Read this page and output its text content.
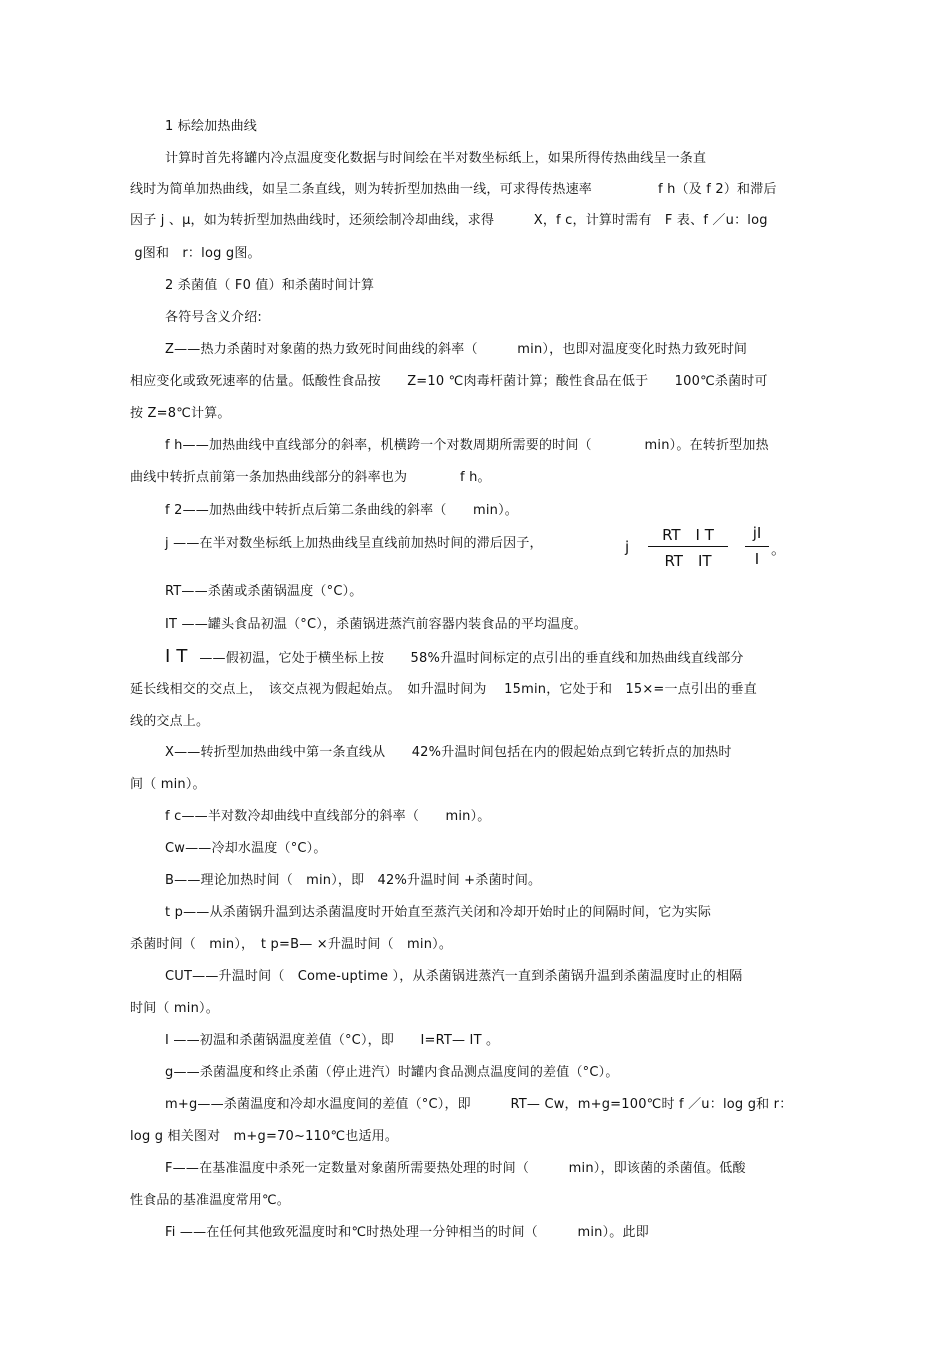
1 标绘加热曲线
计算时首先将罐内冷点温度变化数据与时间绘在半对数坐标纸上，如果所得传热曲线呈一条直
线时为简单加热曲线，如呈二条直线，则为转折型加热曲一线，可求得传热速率　　　　　f h（及 f 2）和滞后
因子 j 、μ，如为转折型加热曲线时，还须绘制冷却曲线，求得　　　X，f c，计算时需有　F 表、f ／u：log
g图和　r：log g图。
2 杀菌值（ F0 值）和杀菌时间计算
各符号含义介绍:
Z——热力杀菌时对象菌的热力致死时间曲线的斜率（　　　min），也即对温度变化时热力致死时间
相应变化或致死速率的估量。低酸性食品按　　Z=10 ℃肉毒杆菌计算；酸性食品在低于　　100℃杀菌时可
按 Z=8℃计算。
f h——加热曲线中直线部分的斜率，机横跨一个对数周期所需要的时间（　　　　min）。在转折型加热
曲线中转折点前第一条加热曲线部分的斜率也为　　　　f h。
f 2——加热曲线中转折点后第二条曲线的斜率（　　min）。
j ——在半对数坐标纸上加热曲线呈直线前加热时间的滞后因子，
RT——杀菌或杀菌锅温度（°C）。
IT ——罐头食品初温（°C），杀菌锅进蒸汽前容器内装食品的平均温度。
I T ——假初温，它处于横坐标上按　　58%升温时间标定的点引出的垂直线和加热曲线直线部分
延长线相交的交点上，　该交点视为假起始点。　如升温时间为　 15min，它处于和　15×=一点引出的垂直
线的交点上。
X——转折型加热曲线中第一条直线从　　42%升温时间包括在内的假起始点到它转折点的加热时
间（ min）。
f c——半对数冷却曲线中直线部分的斜率（　　min）。
Cw——冷却水温度（°C）。
B——理论加热时间（　min），即　42%升温时间 +杀菌时间。
t p——从杀菌锅升温到达杀菌温度时开始直至蒸汽关闭和冷却开始时止的间隔时间，它为实际
杀菌时间（　min），　t p=B— ×升温时间（　min）。
CUT——升温时间（　Come-uptime ），从杀菌锅进蒸汽一直到杀菌锅升温到杀菌温度时止的相隔
时间（ min）。
I ——初温和杀菌锅温度差值（°C），即　　I=RT— IT 。
g——杀菌温度和终止杀菌（停止进汽）时罐内食品测点温度间的差值（°C）。
m+g——杀菌温度和冷却水温度间的差值（°C），即　　　RT— Cw，m+g=100℃时 f ／u：log g和 r：
log g 相关图对　m+g=70~110℃也适用。
F——在基准温度中杀死一定数量对象菌所需要热处理的时间（　　　min），即该菌的杀菌值。低酸
性食品的基准温度常用℃。
Fi ——在任何其他致死温度时和℃时热处理一分钟相当的时间（　　　min）。此即
j
RT　I T
RT　IT
jI
I
。
